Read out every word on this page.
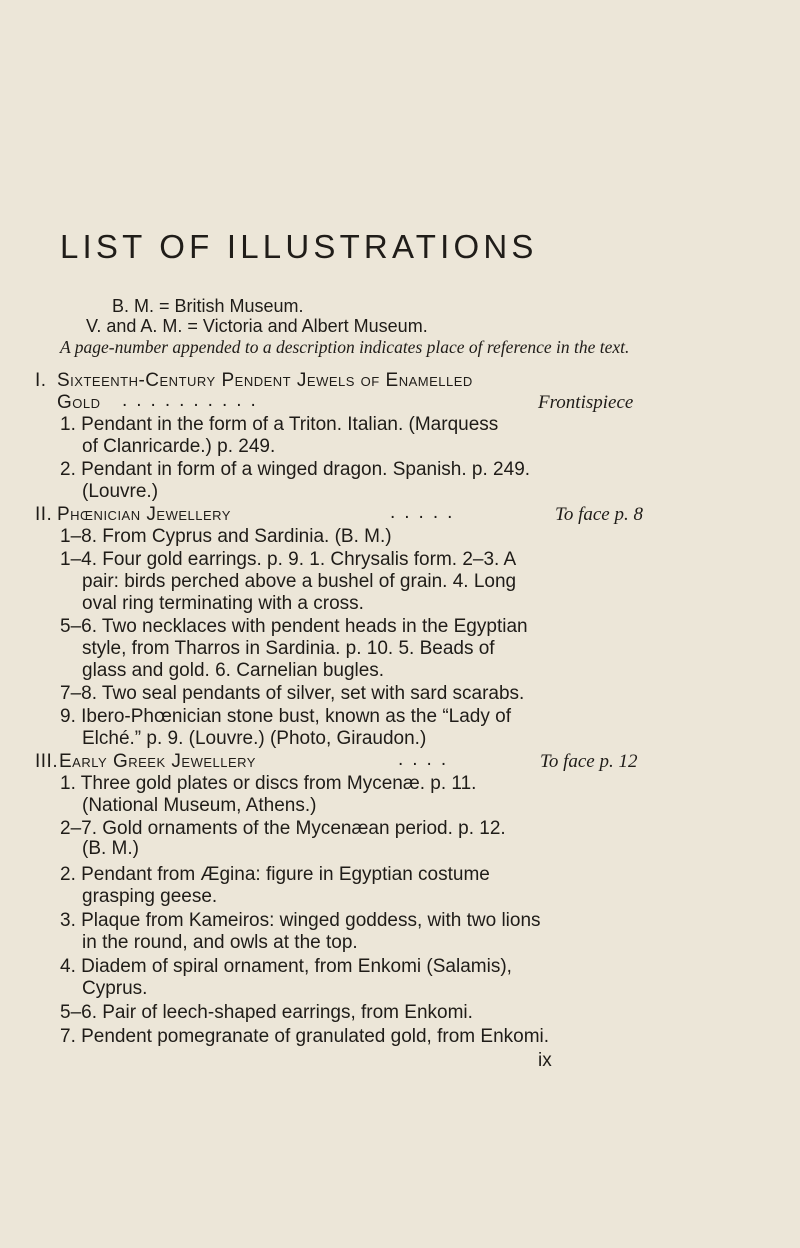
LIST OF ILLUSTRATIONS
B. M. = British Museum.
V. and A. M. = Victoria and Albert Museum.
A page-number appended to a description indicates place of reference in the text.
I. Sixteenth-Century Pendent Jewels of Enamelled
Gold ..........	Frontispiece
1. Pendant in the form of a Triton. Italian. (Marquess
of Clanricarde.) p. 249.
2. Pendant in form of a winged dragon. Spanish. p. 249.
(Louvre.)
II. Phœnician Jewellery	.....	To face p. 8
1–8. From Cyprus and Sardinia. (B. M.)
1–4. Four gold earrings. p. 9. 1. Chrysalis form. 2–3. A
pair: birds perched above a bushel of grain. 4. Long
oval ring terminating with a cross.
5–6. Two necklaces with pendent heads in the Egyptian
style, from Tharros in Sardinia. p. 10. 5. Beads of
glass and gold. 6. Carnelian bugles.
7–8. Two seal pendants of silver, set with sard scarabs.
9. Ibero-Phœnician stone bust, known as the “Lady of
Elché.” p. 9. (Louvre.) (Photo, Giraudon.)
III.Early Greek Jewellery	....	To face p. 12
1. Three gold plates or discs from Mycenæ. p. 11.
(National Museum, Athens.)
2–7. Gold ornaments of the Mycenæan period. p. 12.
(B. M.)
2. Pendant from Ægina: figure in Egyptian costume
grasping geese.
3. Plaque from Kameiros: winged goddess, with two lions
in the round, and owls at the top.
4. Diadem of spiral ornament, from Enkomi (Salamis),
Cyprus.
5–6. Pair of leech-shaped earrings, from Enkomi.
7. Pendent pomegranate of granulated gold, from Enkomi.
ix
